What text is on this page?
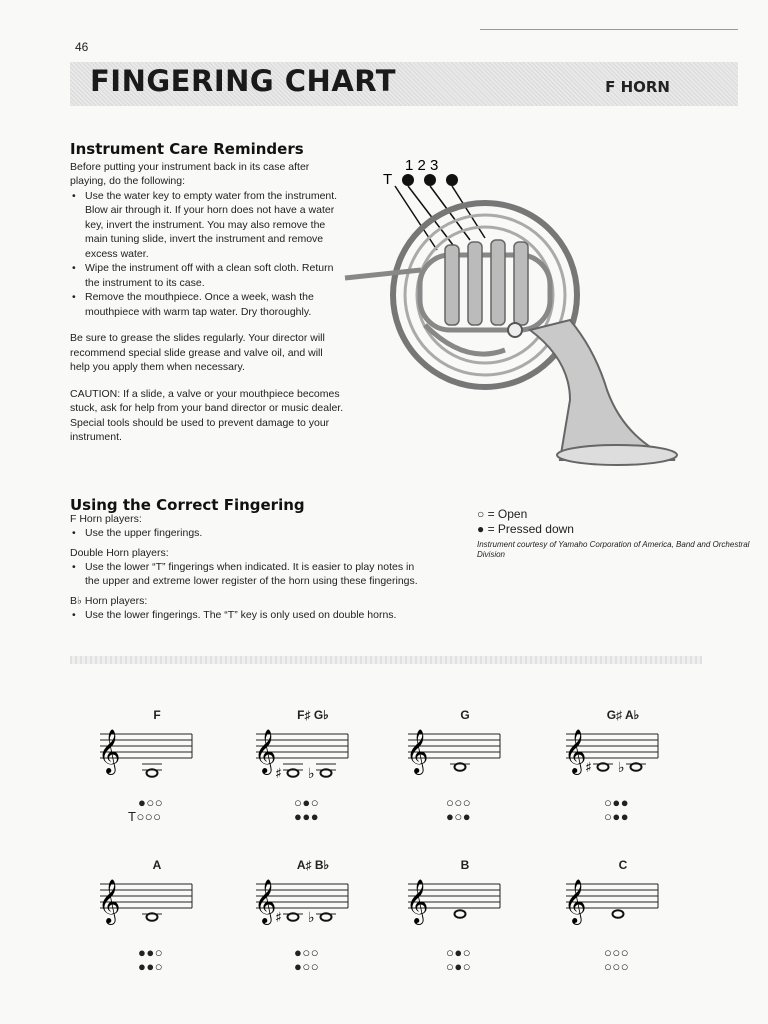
46
FINGERING CHART	F HORN
Instrument Care Reminders

Before putting your instrument back in its case after playing, do the following:

• Use the water key to empty water from the instrument. Blow air through it. If your horn does not have a water key, invert the instrument. You may also remove the main tuning slide, invert the instrument and remove excess water.
• Wipe the instrument off with a clean soft cloth. Return the instrument to its case.
• Remove the mouthpiece. Once a week, wash the mouthpiece with warm tap water. Dry thoroughly.

Be sure to grease the slides regularly. Your director will recommend special slide grease and valve oil, and will help you apply them when necessary.

CAUTION: If a slide, a valve or your mouthpiece becomes stuck, ask for help from your band director or music dealer. Special tools should be used to prevent damage to your instrument.

1 2 3
T
Using the Correct Fingering
F Horn players:
• Use the upper fingerings.
Double Horn players:
• Use the lower “T” fingerings when indicated. It is easier to play notes in the upper and extreme lower register of the horn using these fingerings.
B♭ Horn players:
• Use the lower fingerings. The “T” key is only used on double horns.
○ = Open
● = Pressed down
Instrument courtesy of Yamaho Corporation of America, Band and Orchestral Division
F
𝄞
●○○
T○○○
F♯ G♭
𝄞
♯ ♭
○●○
●●●
G
𝄞
○○○
●○●
G♯ A♭
𝄞
♯ ♭
○●●
○●●
A
𝄞
●●○
●●○
A♯ B♭
𝄞
♯ ♭
●○○
●○○
B
𝄞
○●○
○●○
C
𝄞
○○○
○○○
